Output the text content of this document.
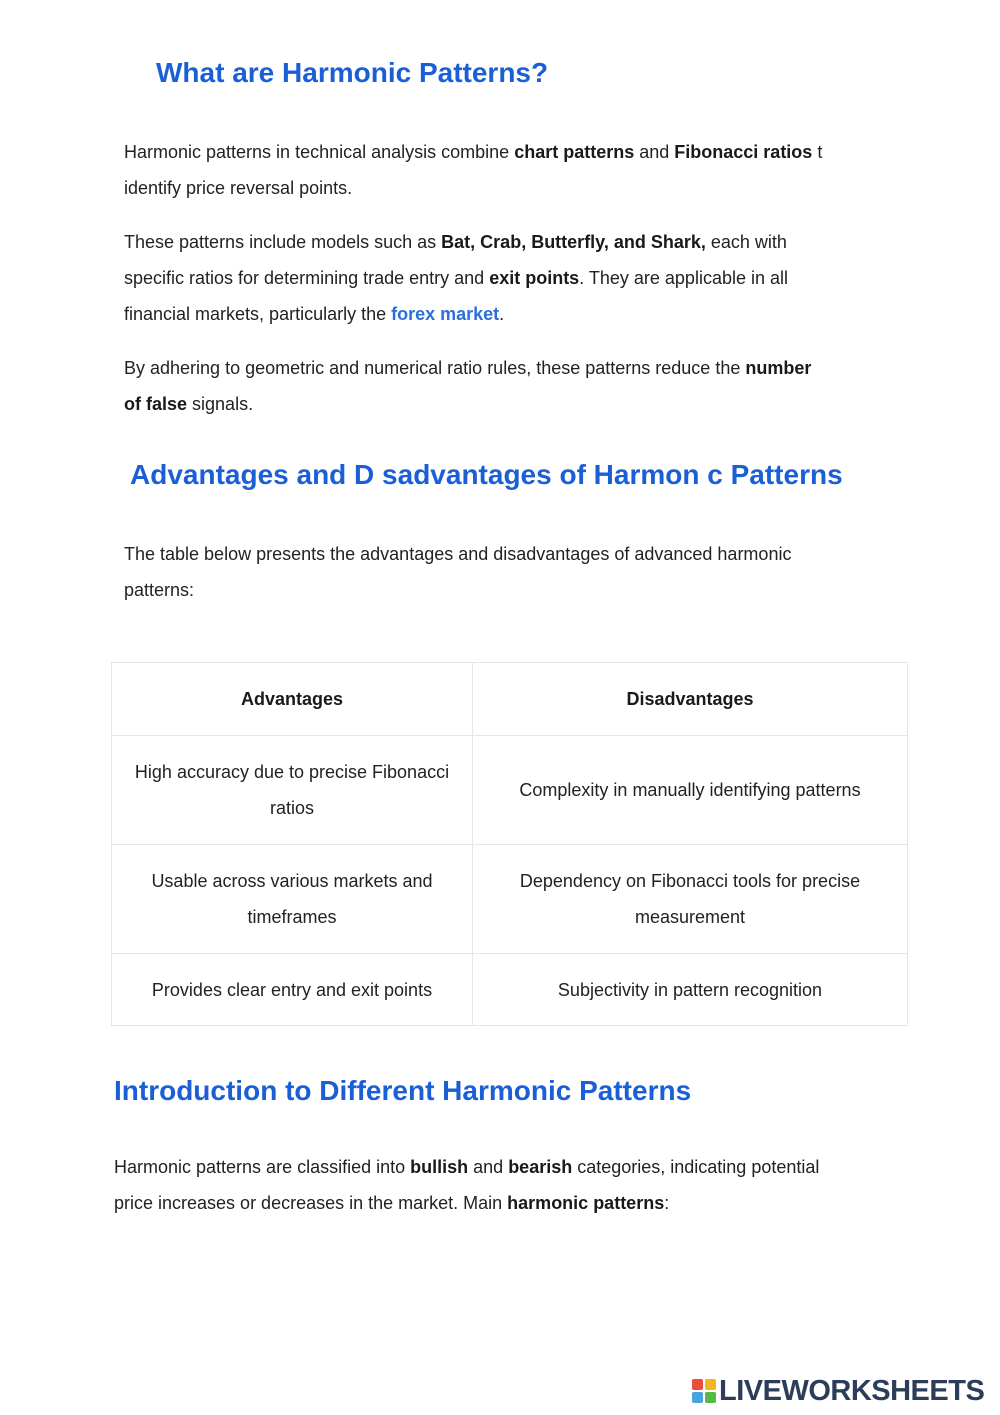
What are Harmonic Patterns?

Harmonic patterns in technical analysis combine chart patterns and Fibonacci ratios t

identify price reversal points.

These patterns include models such as Bat, Crab, Butterfly, and Shark, each with

specific ratios for determining trade entry and exit points. They are applicable in all

financial markets, particularly the forex market.

By adhering to geometric and numerical ratio rules, these patterns reduce the number

of false signals.

Advantages and D sadvantages of Harmon c Patterns

The table below presents the advantages and disadvantages of advanced harmonic

patterns:

Advantages	Disadvantages
High accuracy due to precise Fibonacci ratios	Complexity in manually identifying patterns
Usable across various markets and timeframes	Dependency on Fibonacci tools for precise measurement
Provides clear entry and exit points	Subjectivity in pattern recognition
Introduction to Different Harmonic Patterns

Harmonic patterns are classified into bullish and bearish categories, indicating potential

price increases or decreases in the market. Main harmonic patterns:

LIVEWORKSHEETS
